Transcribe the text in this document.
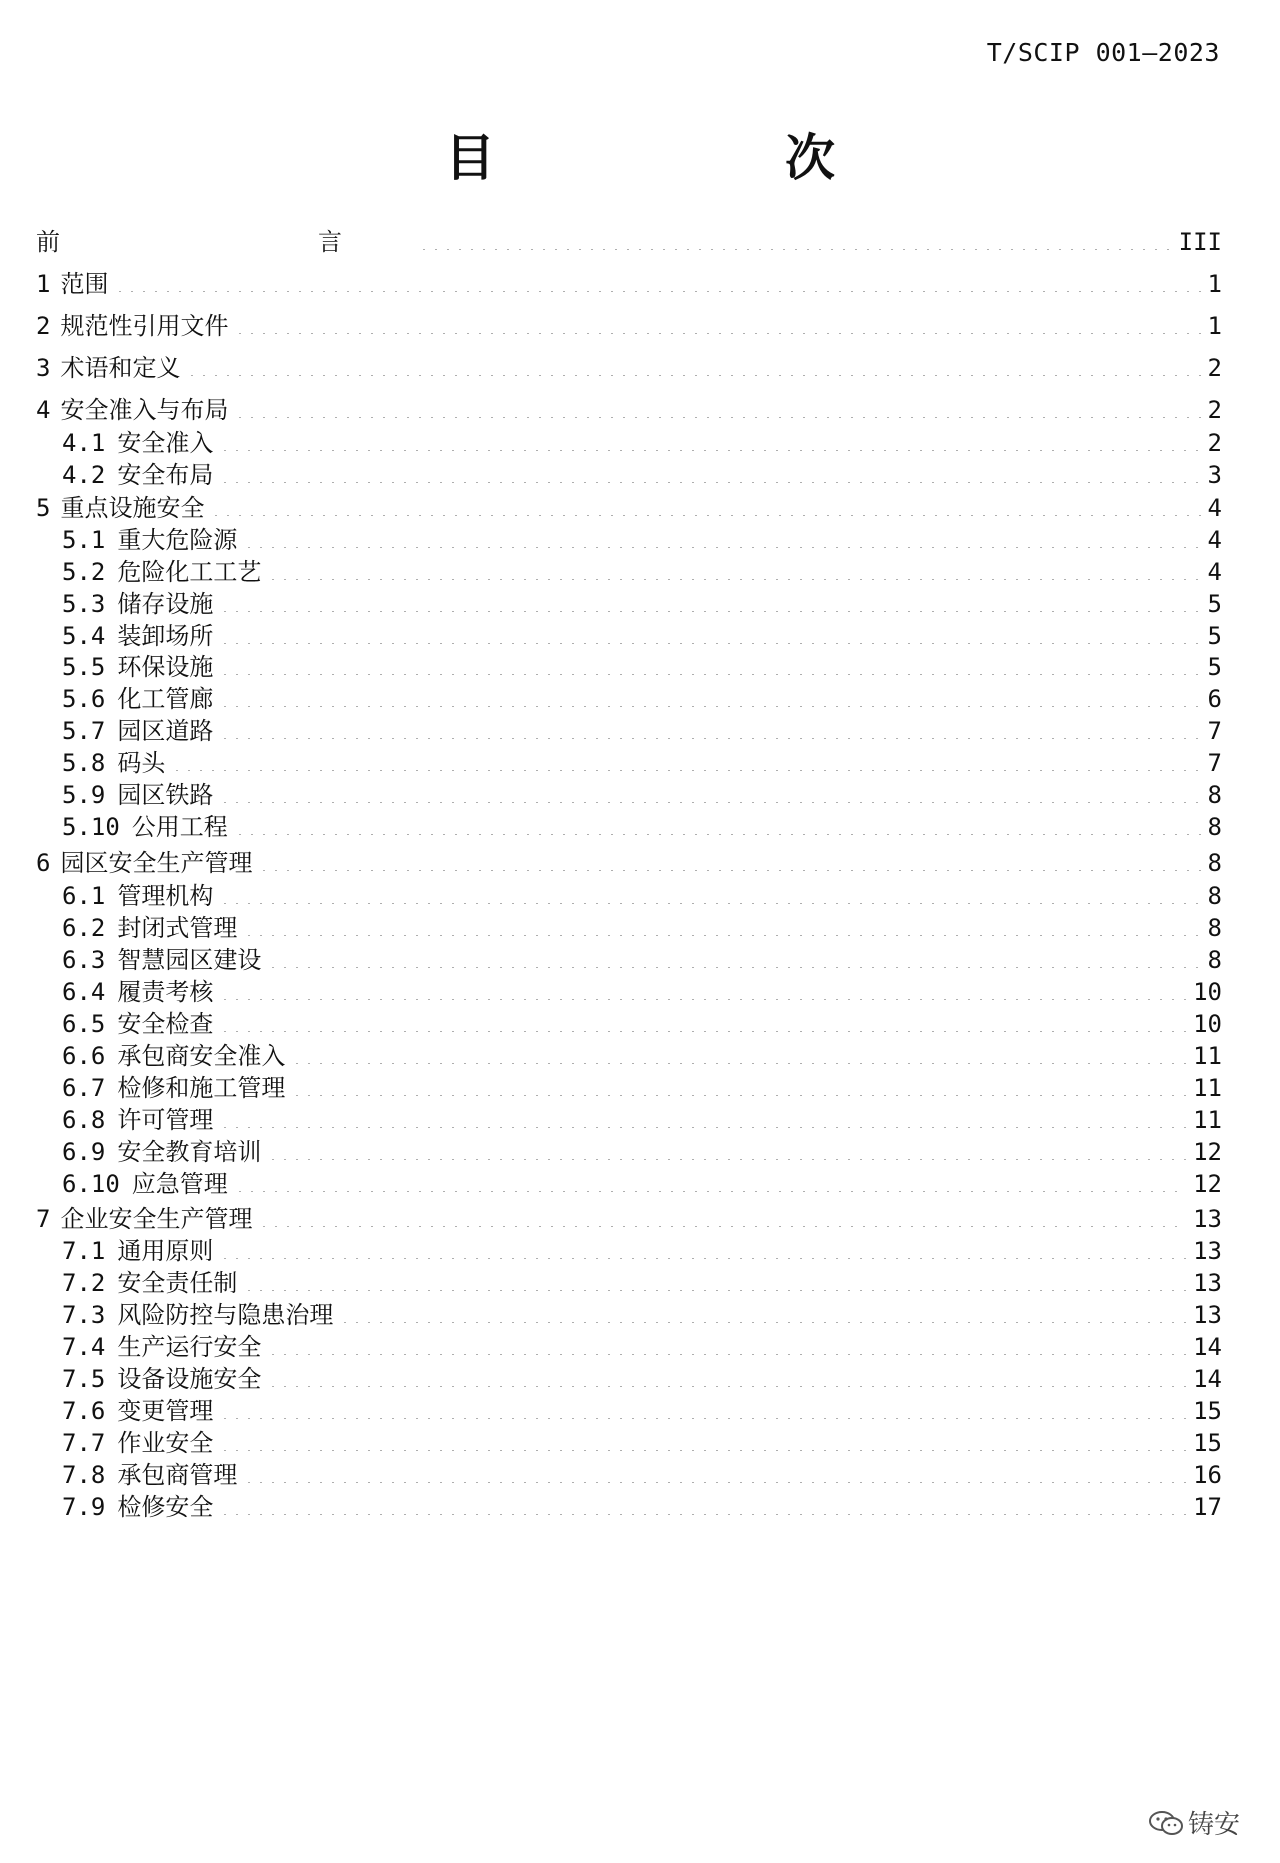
T/SCIP 001—2023
目　次
前　　言	III
1 范围	1
2 规范性引用文件	1
3 术语和定义	2
4 安全准入与布局	2
4.1 安全准入	2
4.2 安全布局	3
5 重点设施安全	4
5.1 重大危险源	4
5.2 危险化工工艺	4
5.3 储存设施	5
5.4 装卸场所	5
5.5 环保设施	5
5.6 化工管廊	6
5.7 园区道路	7
5.8 码头	7
5.9 园区铁路	8
5.10 公用工程	8
6 园区安全生产管理	8
6.1 管理机构	8
6.2 封闭式管理	8
6.3 智慧园区建设	8
6.4 履责考核	10
6.5 安全检查	10
6.6 承包商安全准入	11
6.7 检修和施工管理	11
6.8 许可管理	11
6.9 安全教育培训	12
6.10 应急管理	12
7 企业安全生产管理	13
7.1 通用原则	13
7.2 安全责任制	13
7.3 风险防控与隐患治理	13
7.4 生产运行安全	14
7.5 设备设施安全	14
7.6 变更管理	15
7.7 作业安全	15
7.8 承包商管理	16
7.9 检修安全	17
铸安
